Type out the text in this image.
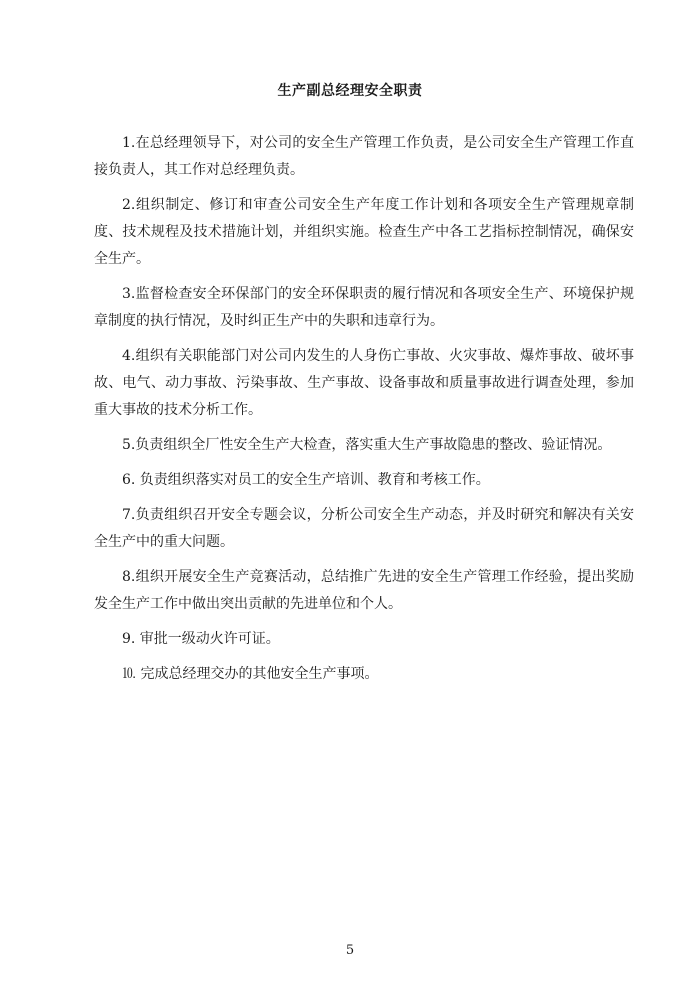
生产副总经理安全职责

1.在总经理领导下，对公司的安全生产管理工作负责，是公司安全生产管理工作直接负责人，其工作对总经理负责。

2.组织制定、修订和审查公司安全生产年度工作计划和各项安全生产管理规章制度、技术规程及技术措施计划，并组织实施。检查生产中各工艺指标控制情况，确保安全生产。

3.监督检查安全环保部门的安全环保职责的履行情况和各项安全生产、环境保护规章制度的执行情况，及时纠正生产中的失职和违章行为。

4.组织有关职能部门对公司内发生的人身伤亡事故、火灾事故、爆炸事故、破坏事故、电气、动力事故、污染事故、生产事故、设备事故和质量事故进行调查处理，参加重大事故的技术分析工作。

5.负责组织全厂性安全生产大检查，落实重大生产事故隐患的整改、验证情况。

6. 负责组织落实对员工的安全生产培训、教育和考核工作。

7.负责组织召开安全专题会议，分析公司安全生产动态，并及时研究和解决有关安全生产中的重大问题。

8.组织开展安全生产竞赛活动，总结推广先进的安全生产管理工作经验，提出奖励发全生产工作中做出突出贡献的先进单位和个人。

9. 审批一级动火许可证。

⒑ 完成总经理交办的其他安全生产事项。

5
